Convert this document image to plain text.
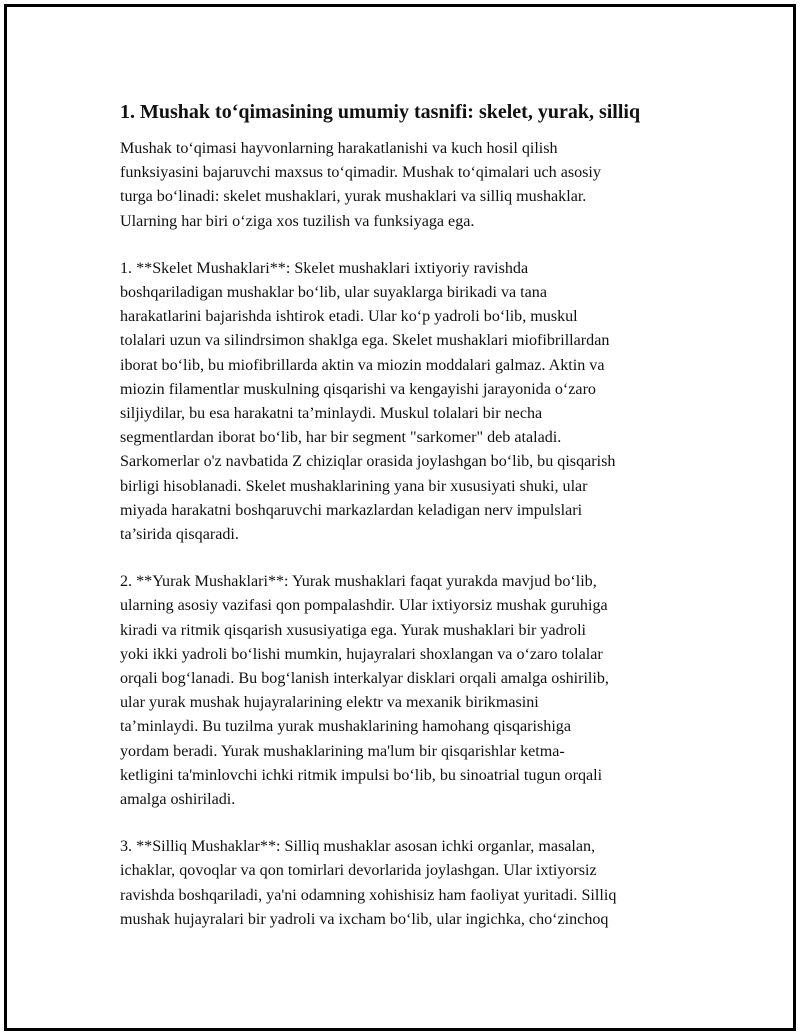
1. Mushak to‘qimasining umumiy tasnifi: skelet, yurak, silliq

Mushak to‘qimasi hayvonlarning harakatlanishi va kuch hosil qilish
funksiyasini bajaruvchi maxsus to‘qimadir. Mushak to‘qimalari uch asosiy
turga bo‘linadi: skelet mushaklari, yurak mushaklari va silliq mushaklar.
Ularning har biri o‘ziga xos tuzilish va funksiyaga ega.

1. **Skelet Mushaklari**: Skelet mushaklari ixtiyoriy ravishda
boshqariladigan mushaklar bo‘lib, ular suyaklarga birikadi va tana
harakatlarini bajarishda ishtirok etadi. Ular ko‘p yadroli bo‘lib, muskul
tolalari uzun va silindrsimon shaklga ega. Skelet mushaklari miofibrillardan
iborat bo‘lib, bu miofibrillarda aktin va miozin moddalari galmaz. Aktin va
miozin filamentlar muskulning qisqarishi va kengayishi jarayonida o‘zaro
siljiydilar, bu esa harakatni ta’minlaydi. Muskul tolalari bir necha
segmentlardan iborat bo‘lib, har bir segment "sarkomer" deb ataladi.
Sarkomerlar o'z navbatida Z chiziqlar orasida joylashgan bo‘lib, bu qisqarish
birligi hisoblanadi. Skelet mushaklarining yana bir xususiyati shuki, ular
miyada harakatni boshqaruvchi markazlardan keladigan nerv impulslari
ta’sirida qisqaradi.

2. **Yurak Mushaklari**: Yurak mushaklari faqat yurakda mavjud bo‘lib,
ularning asosiy vazifasi qon pompalashdir. Ular ixtiyorsiz mushak guruhiga
kiradi va ritmik qisqarish xususiyatiga ega. Yurak mushaklari bir yadroli
yoki ikki yadroli bo‘lishi mumkin, hujayralari shoxlangan va o‘zaro tolalar
orqali bog‘lanadi. Bu bog‘lanish interkalyar disklari orqali amalga oshirilib,
ular yurak mushak hujayralarining elektr va mexanik birikmasini
ta’minlaydi. Bu tuzilma yurak mushaklarining hamohang qisqarishiga
yordam beradi. Yurak mushaklarining ma'lum bir qisqarishlar ketma-
ketligini ta'minlovchi ichki ritmik impulsi bo‘lib, bu sinoatrial tugun orqali
amalga oshiriladi.

3. **Silliq Mushaklar**: Silliq mushaklar asosan ichki organlar, masalan,
ichaklar, qovoqlar va qon tomirlari devorlarida joylashgan. Ular ixtiyorsiz
ravishda boshqariladi, ya'ni odamning xohishisiz ham faoliyat yuritadi. Silliq
mushak hujayralari bir yadroli va ixcham bo‘lib, ular ingichka, cho‘zinchoq
